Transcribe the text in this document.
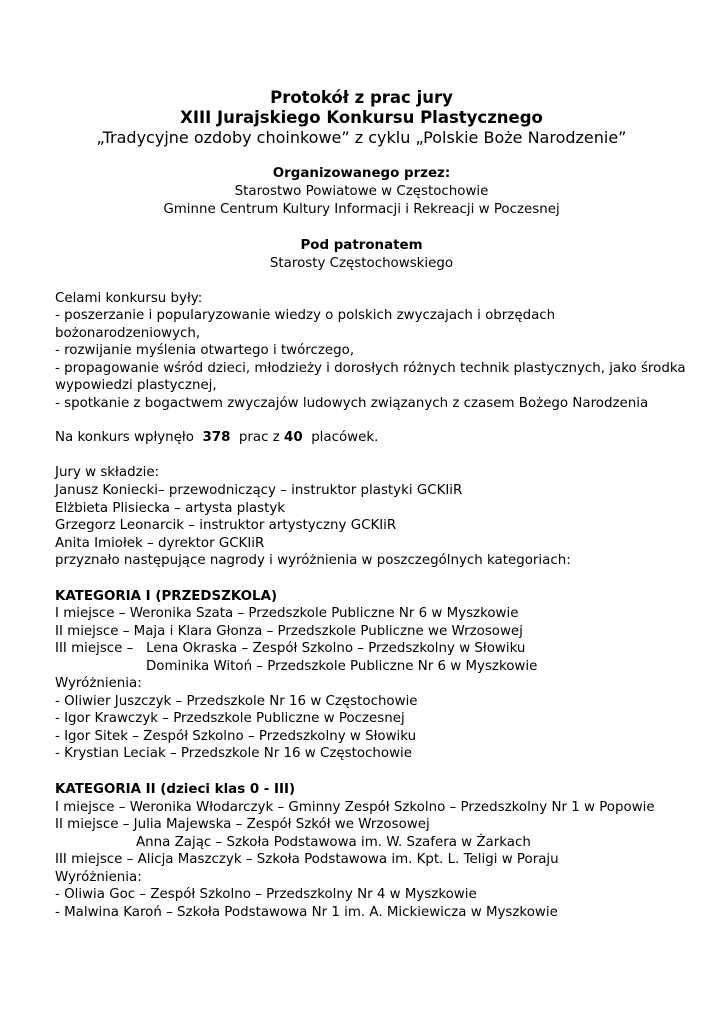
Protokół z prac jury
XIII Jurajskiego Konkursu Plastycznego
„Tradycyjne ozdoby choinkowe” z cyklu „Polskie Boże Narodzenie”
Organizowanego przez:
Starostwo Powiatowe w Częstochowie
Gminne Centrum Kultury Informacji i Rekreacji w Poczesnej
Pod patronatem
Starosty Częstochowskiego
Celami konkursu były:
- poszerzanie i popularyzowanie wiedzy o polskich zwyczajach i obrzędach
bożonarodzeniowych,
- rozwijanie myślenia otwartego i twórczego,
- propagowanie wśród dzieci, młodzieży i dorosłych różnych technik plastycznych, jako środka
wypowiedzi plastycznej,
- spotkanie z bogactwem zwyczajów ludowych związanych z czasem Bożego Narodzenia
Na konkurs wpłynęło 378 prac z 40 placówek.
Jury w składzie:
Janusz Koniecki– przewodniczący – instruktor plastyki GCKIiR
Elżbieta Plisiecka – artysta plastyk
Grzegorz Leonarcik – instruktor artystyczny GCKIiR
Anita Imiołek – dyrektor GCKIiR
przyznało następujące nagrody i wyróżnienia w poszczególnych kategoriach:
KATEGORIA I (PRZEDSZKOLA)
I miejsce – Weronika Szata – Przedszkole Publiczne Nr 6 w Myszkowie
II miejsce – Maja i Klara Głonza – Przedszkole Publiczne we Wrzosowej
III miejsce – Lena Okraska – Zespół Szkolno – Przedszkolny w Słowiku
Dominika Witoń – Przedszkole Publiczne Nr 6 w Myszkowie
Wyróżnienia:
- Oliwier Juszczyk – Przedszkole Nr 16 w Częstochowie
- Igor Krawczyk – Przedszkole Publiczne w Poczesnej
- Igor Sitek – Zespół Szkolno – Przedszkolny w Słowiku
- Krystian Leciak – Przedszkole Nr 16 w Częstochowie
KATEGORIA II (dzieci klas 0 - III)
I miejsce – Weronika Włodarczyk – Gminny Zespół Szkolno – Przedszkolny Nr 1 w Popowie
II miejsce – Julia Majewska – Zespół Szkół we Wrzosowej
Anna Zając – Szkoła Podstawowa im. W. Szafera w Żarkach
III miejsce – Alicja Maszczyk – Szkoła Podstawowa im. Kpt. L. Teligi w Poraju
Wyróżnienia:
- Oliwia Goc – Zespół Szkolno – Przedszkolny Nr 4 w Myszkowie
- Malwina Karoń – Szkoła Podstawowa Nr 1 im. A. Mickiewicza w Myszkowie
